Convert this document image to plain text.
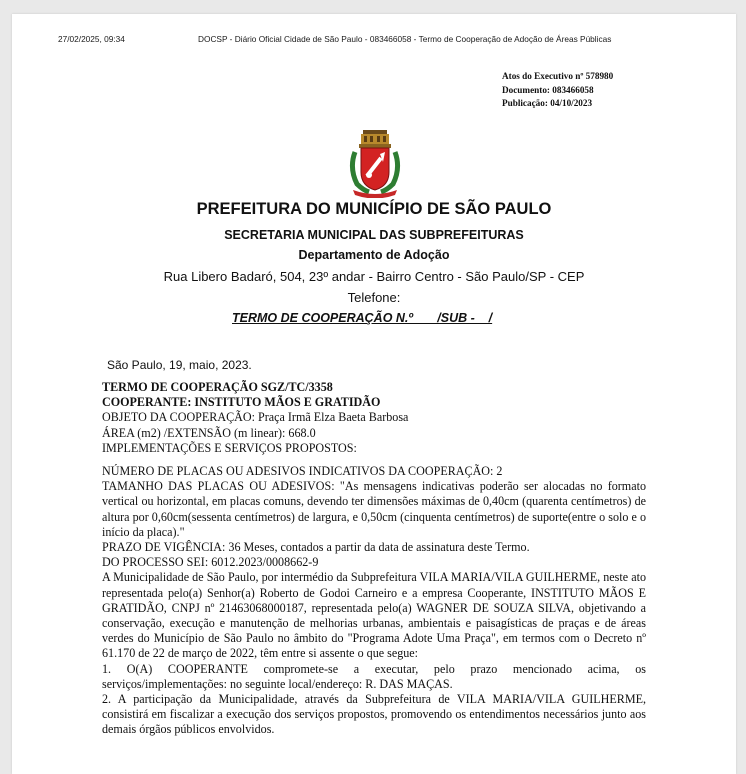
27/02/2025, 09:34	DOCSP - Diário Oficial Cidade de São Paulo - 083466058 - Termo de Cooperação de Adoção de Áreas Públicas
Atos do Executivo nº 578980
Documento: 083466058
Publicação: 04/10/2023
PREFEITURA DO MUNICÍPIO DE SÃO PAULO
SECRETARIA MUNICIPAL DAS SUBPREFEITURAS
Departamento de Adoção
Rua Libero Badaró, 504, 23º andar - Bairro Centro - São Paulo/SP - CEP
Telefone:
TERMO DE COOPERAÇÃO N.º       /SUB -    /
São Paulo, 19, maio, 2023.

TERMO DE COOPERAÇÃO SGZ/TC/3358

COOPERANTE: INSTITUTO MÃOS E GRATIDÃO

OBJETO DA COOPERAÇÃO: Praça Irmã Elza Baeta Barbosa

ÁREA (m2) /EXTENSÃO (m linear): 668.0

IMPLEMENTAÇÕES E SERVIÇOS PROPOSTOS:

NÚMERO DE PLACAS OU ADESIVOS INDICATIVOS DA COOPERAÇÃO: 2

TAMANHO DAS PLACAS OU ADESIVOS: "As mensagens indicativas poderão ser alocadas no formato vertical ou horizontal, em placas comuns, devendo ter dimensões máximas de 0,40cm (quarenta centímetros) de altura por 0,60cm(sessenta centímetros) de largura, e 0,50cm (cinquenta centímetros) de suporte(entre o solo e o início da placa)."

PRAZO DE VIGÊNCIA: 36 Meses, contados a partir da data de assinatura deste Termo.

DO PROCESSO SEI: 6012.2023/0008662-9

A Municipalidade de São Paulo, por intermédio da Subprefeitura VILA MARIA/VILA GUILHERME, neste ato representada pelo(a) Senhor(a) Roberto de Godoi Carneiro e a empresa Cooperante, INSTITUTO MÃOS E GRATIDÃO, CNPJ nº 21463068000187, representada pelo(a) WAGNER DE SOUZA SILVA, objetivando a conservação, execução e manutenção de melhorias urbanas, ambientais e paisagísticas de praças e de áreas verdes do Município de São Paulo no âmbito do "Programa Adote Uma Praça", em termos com o Decreto nº 61.170 de 22 de março de 2022, têm entre si assente o que segue:

1. O(A) COOPERANTE compromete-se a executar, pelo prazo mencionado acima, os serviços/implementações: no seguinte local/endereço: R. DAS MAÇAS.

2. A participação da Municipalidade, através da Subprefeitura de VILA MARIA/VILA GUILHERME, consistirá em fiscalizar a execução dos serviços propostos, promovendo os entendimentos necessários junto aos demais órgãos públicos envolvidos.
